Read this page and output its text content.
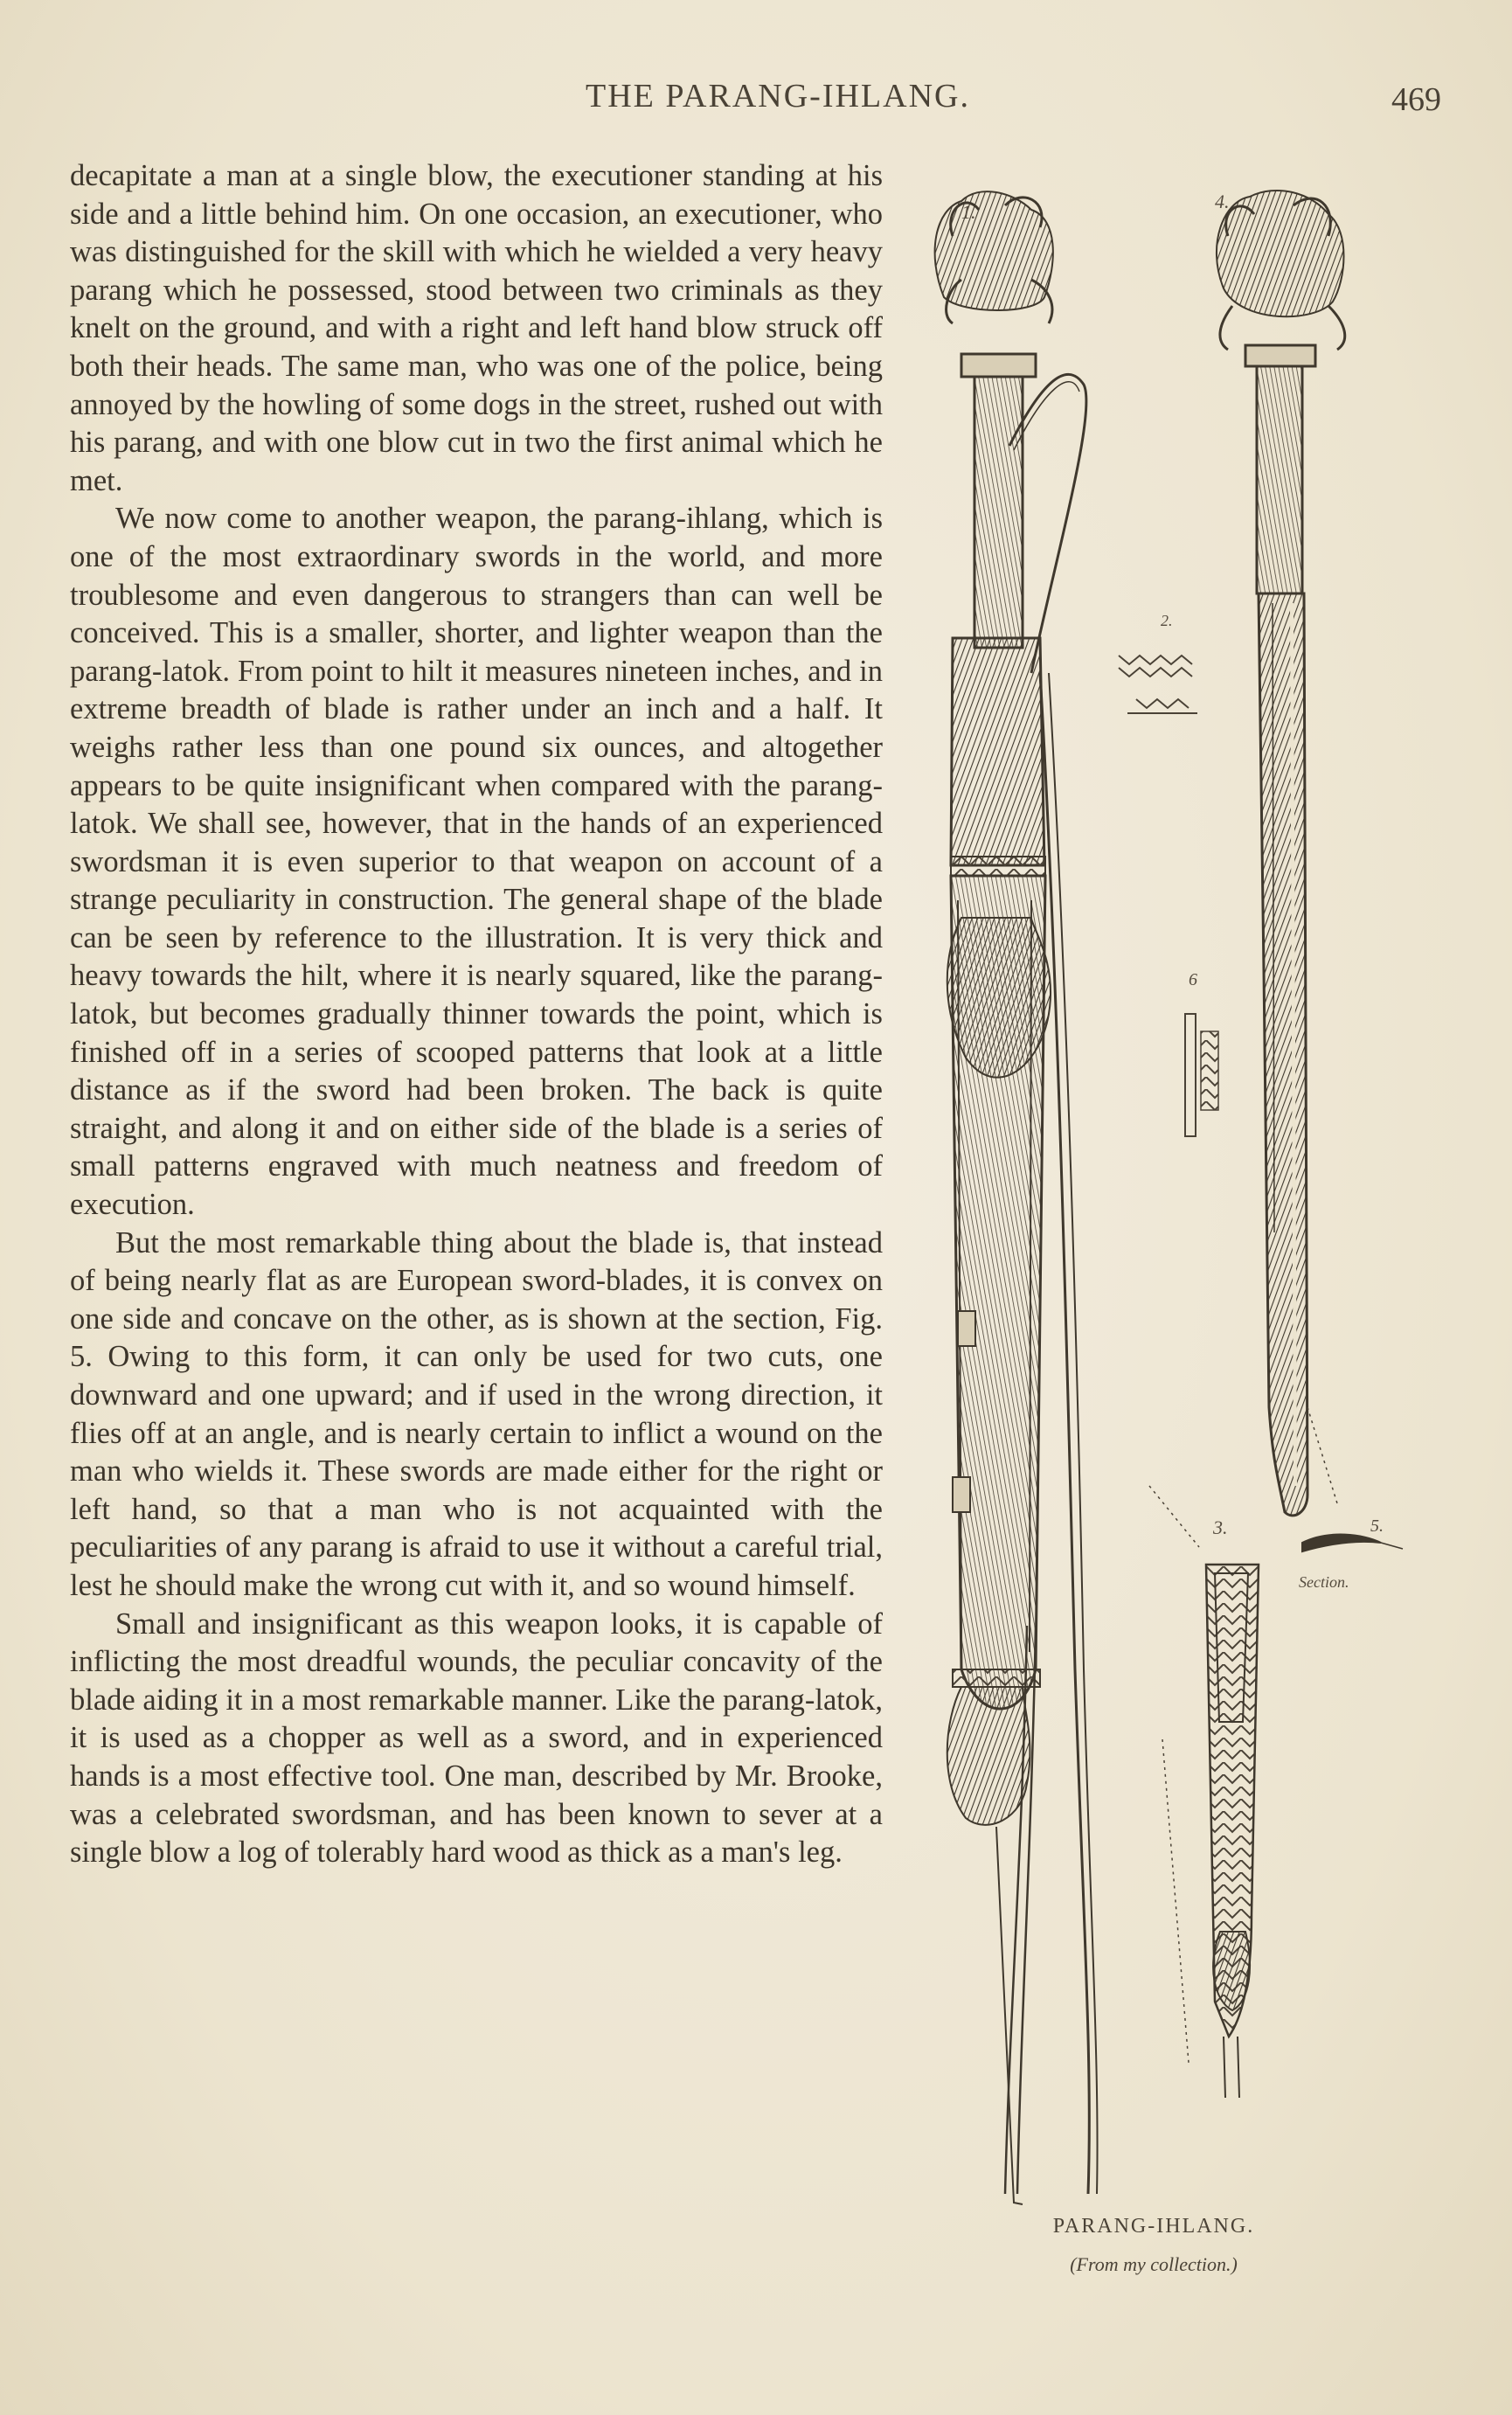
THE PARANG-IHLANG.	469

decapitate a man at a single blow, the executioner standing at his side and a little behind him. On one occasion, an executioner, who was distinguished for the skill with which he wielded a very heavy parang which he possessed, stood between two criminals as they knelt on the ground, and with a right and left hand blow struck off both their heads. The same man, who was one of the police, being annoyed by the howling of some dogs in the street, rushed out with his parang, and with one blow cut in two the first animal which he met.

We now come to another weapon, the parang-ihlang, which is one of the most extraordinary swords in the world, and more troublesome and even dangerous to strangers than can well be conceived. This is a smaller, shorter, and lighter weapon than the parang-latok. From point to hilt it measures nineteen inches, and in extreme breadth of blade is rather under an inch and a half. It weighs rather less than one pound six ounces, and altogether appears to be quite insignificant when compared with the parang-latok. We shall see, however, that in the hands of an experienced swordsman it is even superior to that weapon on account of a strange peculiarity in construction. The general shape of the blade can be seen by reference to the illustration. It is very thick and heavy towards the hilt, where it is nearly squared, like the parang-latok, but becomes gradually thinner towards the point, which is finished off in a series of scooped patterns that look at a little distance as if the sword had been broken. The back is quite straight, and along it and on either side of the blade is a series of small patterns engraved with much neatness and freedom of execution.

But the most remarkable thing about the blade is, that instead of being nearly flat as are European sword-blades, it is convex on one side and concave on the other, as is shown at the section, Fig. 5. Owing to this form, it can only be used for two cuts, one downward and one upward; and if used in the wrong direction, it flies off at an angle, and is nearly certain to inflict a wound on the man who wields it. These swords are made either for the right or left hand, so that a man who is not acquainted with the peculiarities of any parang is afraid to use it without a careful trial, lest he should make the wrong cut with it, and so wound himself.

Small and insignificant as this weapon looks, it is capable of inflicting the most dreadful wounds, the peculiar concavity of the blade aiding it in a most remarkable manner. Like the parang-latok, it is used as a chopper as well as a sword, and in experienced hands is a most effective tool. One man, described by Mr. Brooke, was a celebrated swordsman, and has been known to sever at a single blow a log of tolerably hard wood as thick as a man's leg.

1.	4.
2.
6
3.	5.
Section.
PARANG-IHLANG.
(From my collection.)
